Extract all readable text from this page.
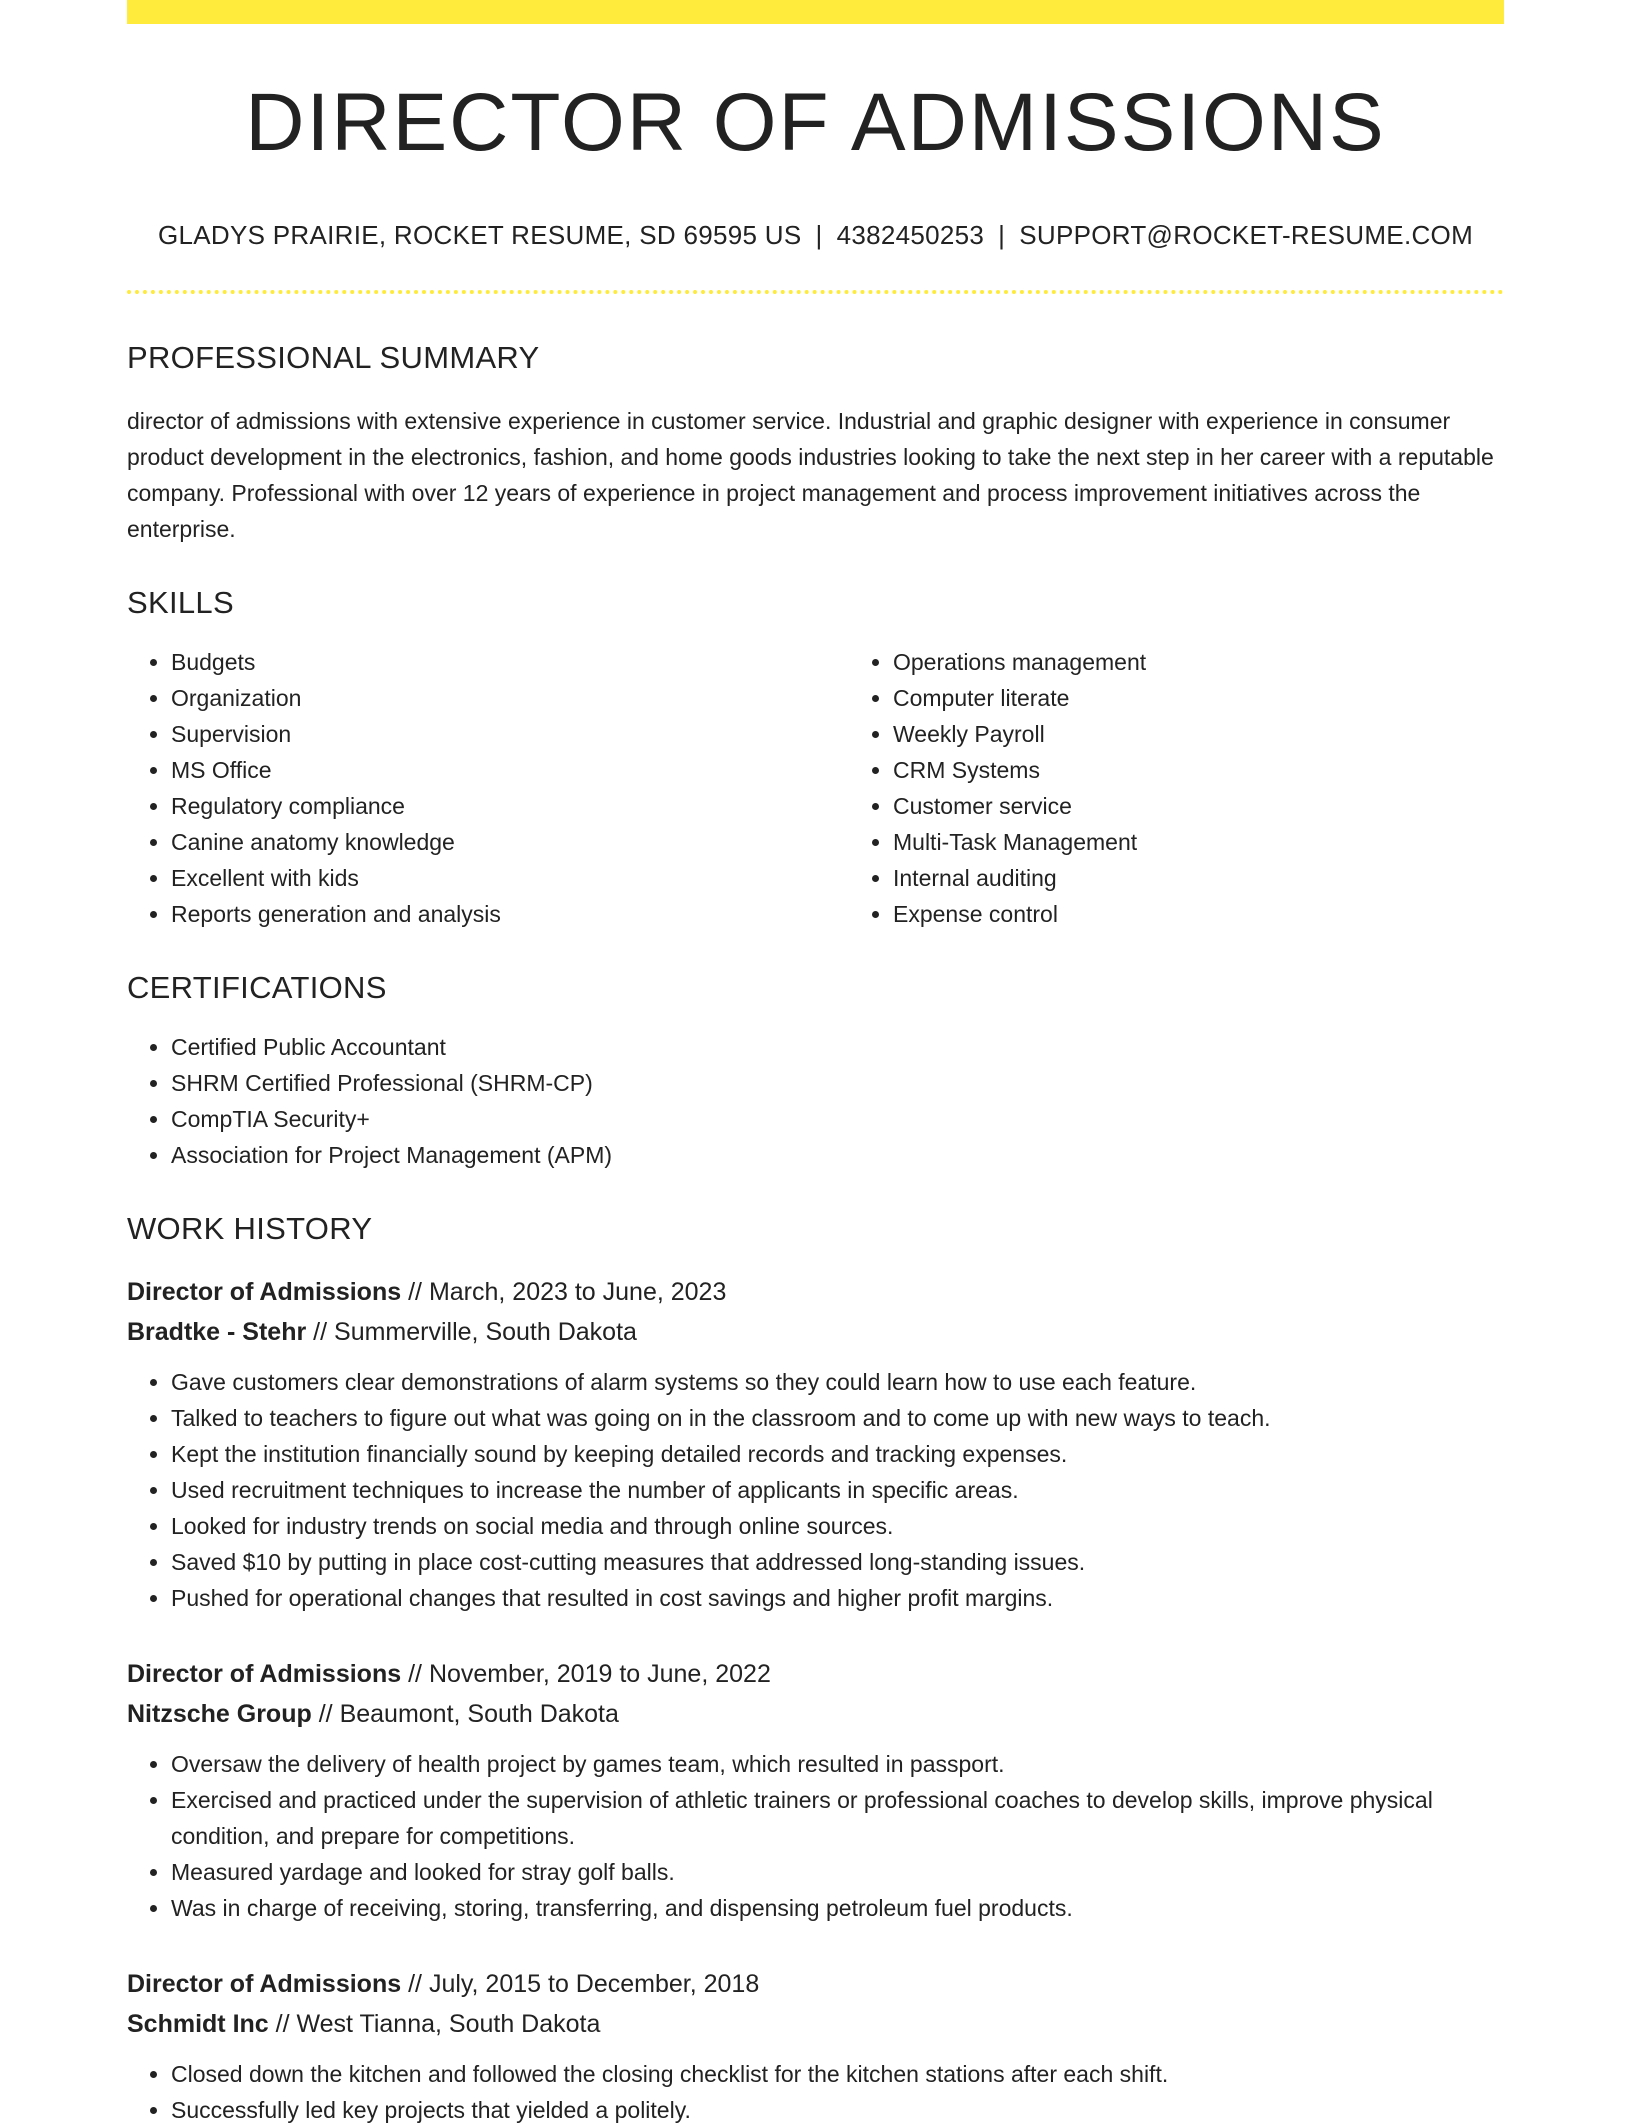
DIRECTOR OF ADMISSIONS
GLADYS PRAIRIE, ROCKET RESUME, SD 69595 US | 4382450253 | SUPPORT@ROCKET-RESUME.COM
PROFESSIONAL SUMMARY

director of admissions with extensive experience in customer service. Industrial and graphic designer with experience in consumer product development in the electronics, fashion, and home goods industries looking to take the next step in her career with a reputable company. Professional with over 12 years of experience in project management and process improvement initiatives across the enterprise.

SKILLS
• Budgets
• Organization
• Supervision
• MS Office
• Regulatory compliance
• Canine anatomy knowledge
• Excellent with kids
• Reports generation and analysis
• Operations management
• Computer literate
• Weekly Payroll
• CRM Systems
• Customer service
• Multi-Task Management
• Internal auditing
• Expense control
CERTIFICATIONS
• Certified Public Accountant
• SHRM Certified Professional (SHRM-CP)
• CompTIA Security+
• Association for Project Management (APM)
WORK HISTORY
Director of Admissions // March, 2023 to June, 2023
Bradtke - Stehr // Summerville, South Dakota
• Gave customers clear demonstrations of alarm systems so they could learn how to use each feature.
• Talked to teachers to figure out what was going on in the classroom and to come up with new ways to teach.
• Kept the institution financially sound by keeping detailed records and tracking expenses.
• Used recruitment techniques to increase the number of applicants in specific areas.
• Looked for industry trends on social media and through online sources.
• Saved $10 by putting in place cost-cutting measures that addressed long-standing issues.
• Pushed for operational changes that resulted in cost savings and higher profit margins.
Director of Admissions // November, 2019 to June, 2022
Nitzsche Group // Beaumont, South Dakota
• Oversaw the delivery of health project by games team, which resulted in passport.
• Exercised and practiced under the supervision of athletic trainers or professional coaches to develop skills, improve physical condition, and prepare for competitions.
• Measured yardage and looked for stray golf balls.
• Was in charge of receiving, storing, transferring, and dispensing petroleum fuel products.
Director of Admissions // July, 2015 to December, 2018
Schmidt Inc // West Tianna, South Dakota
• Closed down the kitchen and followed the closing checklist for the kitchen stations after each shift.
• Successfully led key projects that yielded a politely.
